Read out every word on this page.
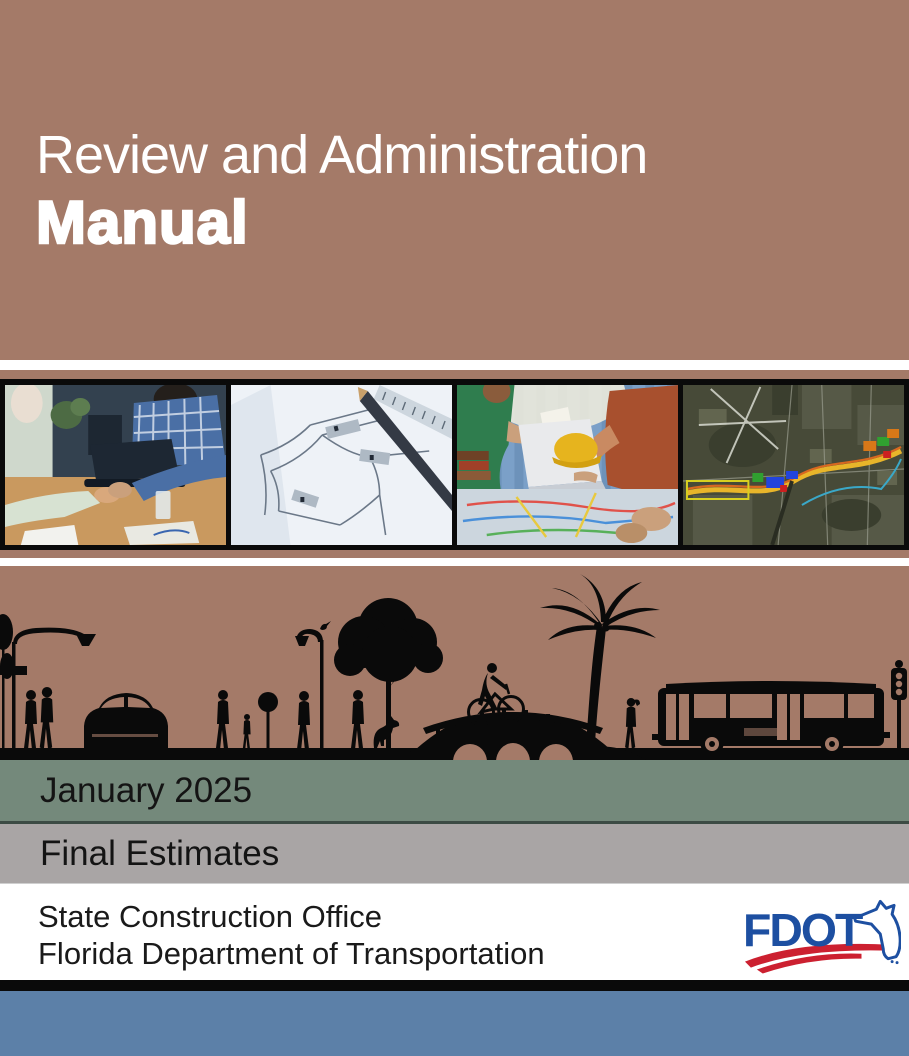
Review and Administration
Manual
January 2025
Final Estimates
State Construction Office
Florida Department of Transportation	FDOT
